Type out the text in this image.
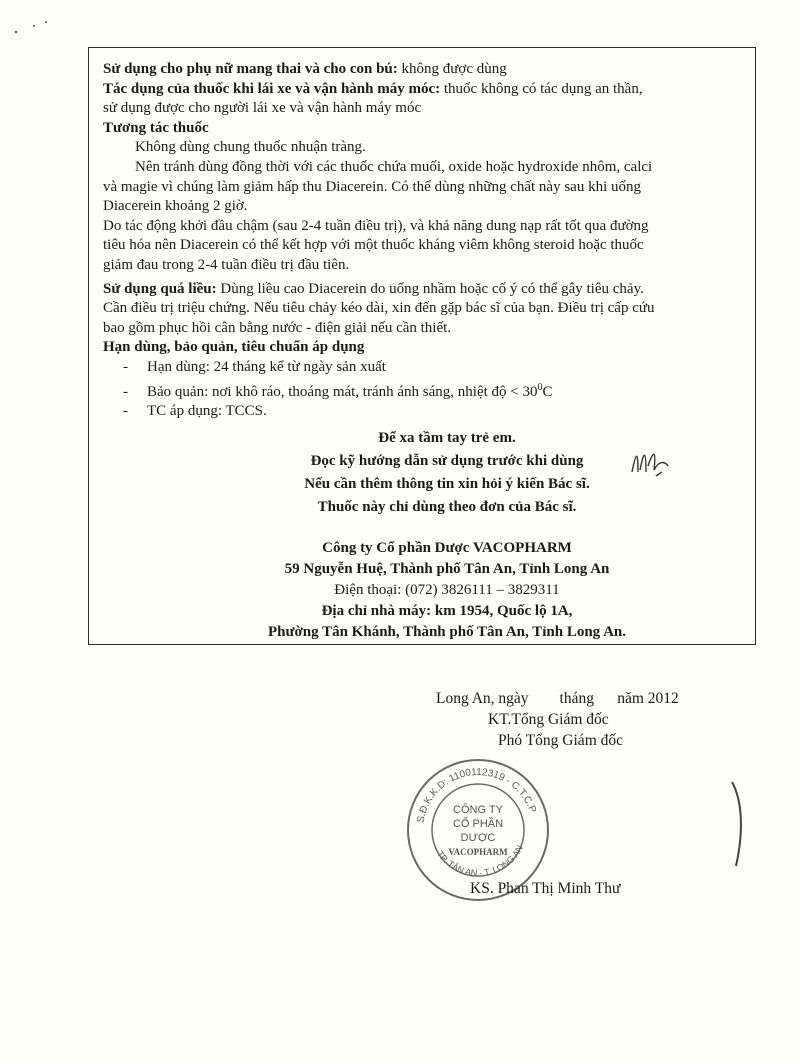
Sử dụng cho phụ nữ mang thai và cho con bú: không được dùng

Tác dụng của thuốc khi lái xe và vận hành máy móc: thuốc không có tác dụng an thần,

sử dụng được cho người lái xe và vận hành máy móc

Tương tác thuốc

Không dùng chung thuốc nhuận tràng.

Nên tránh dùng đồng thời với các thuốc chứa muối, oxide hoặc hydroxide nhôm, calci

và magie vì chúng làm giảm hấp thu Diacerein. Có thể dùng những chất này sau khi uống

Diacerein khoảng 2 giờ.

Do tác động khởi đầu chậm (sau 2-4 tuần điều trị), và khả năng dung nạp rất tốt qua đường

tiêu hóa nên Diacerein có thể kết hợp với một thuốc kháng viêm không steroid hoặc thuốc

giảm đau trong 2-4 tuần điều trị đầu tiên.

Sử dụng quá liều: Dùng liều cao Diacerein do uống nhầm hoặc cố ý có thể gây tiêu chảy.

Cần điều trị triệu chứng. Nếu tiêu chảy kéo dài, xin đến gặp bác sĩ của bạn. Điều trị cấp cứu

bao gồm phục hồi cân bằng nước - điện giải nếu cần thiết.

Hạn dùng, bảo quản, tiêu chuẩn áp dụng

- Hạn dùng: 24 tháng kể từ ngày sản xuất

- Bảo quản: nơi khô ráo, thoáng mát, tránh ánh sáng, nhiệt độ < $30^0C$

- TC áp dụng: TCCS.

Để xa tầm tay trẻ em.

Đọc kỹ hướng dẫn sử dụng trước khi dùng

Nếu cần thêm thông tin xin hỏi ý kiến Bác sĩ.

Thuốc này chỉ dùng theo đơn của Bác sĩ.

Công ty Cổ phần Dược VACOPHARM

59 Nguyễn Huệ, Thành phố Tân An, Tỉnh Long An

Điện thoại: (072) 3826111 – 3829311

Địa chỉ nhà máy: km 1954, Quốc lộ 1A,

Phường Tân Khánh, Thành phố Tân An, Tỉnh Long An.

Long An, ngày        tháng      năm 2012

KT.Tổng Giám đốc

Phó Tổng Giám đốc

S.Đ.K.K.D: 1100112319 - C.T.C.P
TP. TÂN AN - T. LONG AN
CÔNG TY
CỔ PHẦN
DƯỢC
VACOPHARM
KS. Phan Thị Minh Thư
